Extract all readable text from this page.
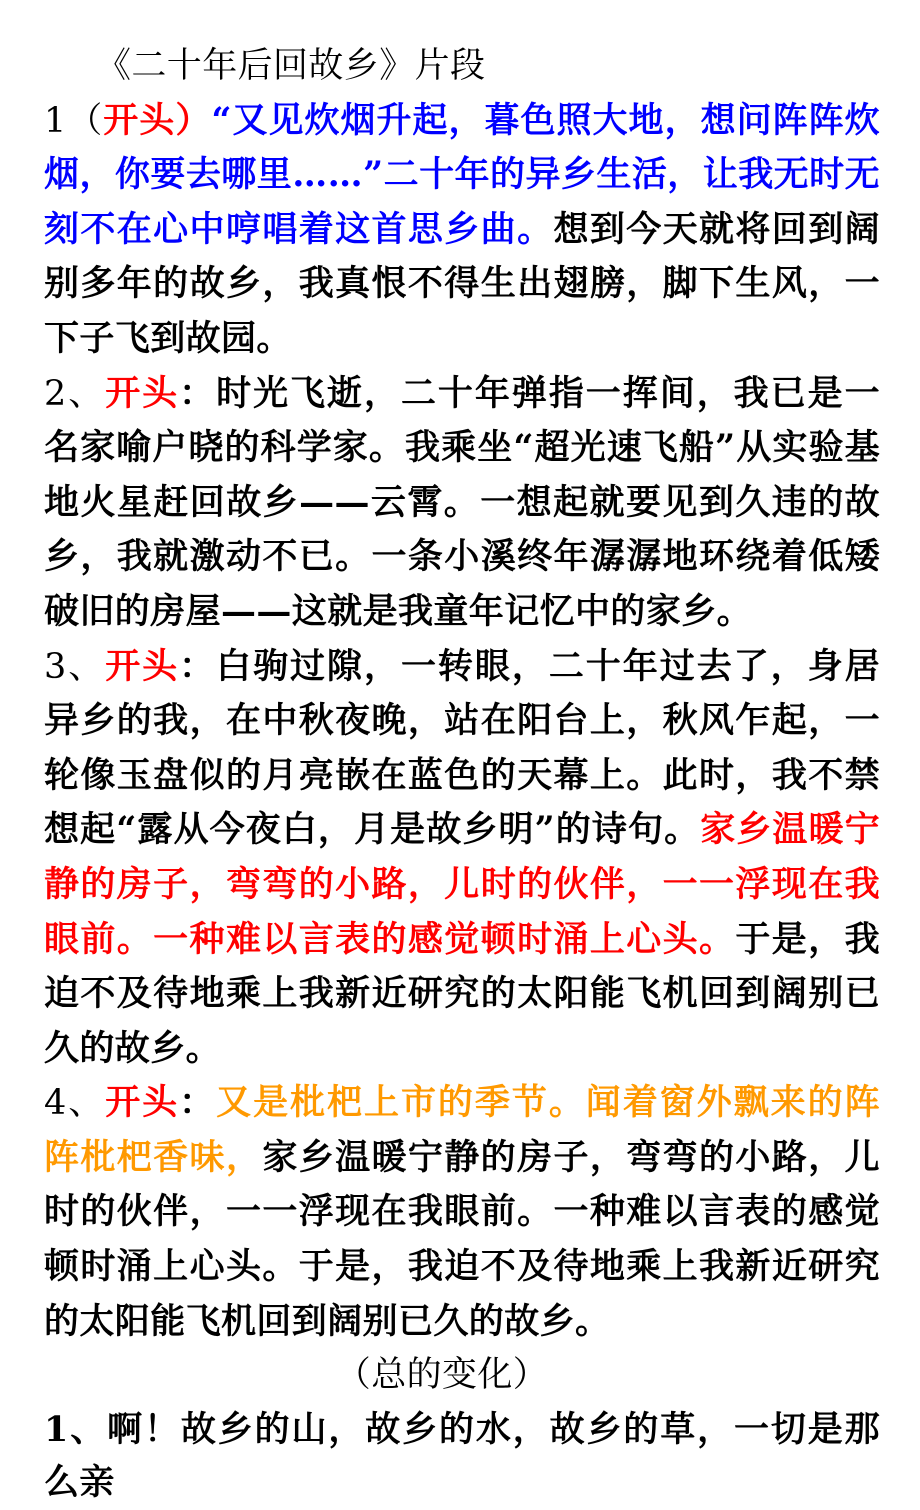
《二十年后回故乡》片段

1（开头）“又见炊烟升起，暮色照大地，想问阵阵炊烟，你要去哪里……”二十年的异乡生活，让我无时无刻不在心中哼唱着这首思乡曲。想到今天就将回到阔别多年的故乡，我真恨不得生出翅膀，脚下生风，一下子飞到故园。

2、开头：时光飞逝，二十年弹指一挥间，我已是一名家喻户晓的科学家。我乘坐“超光速飞船”从实验基地火星赶回故乡——云霄。一想起就要见到久违的故乡，我就激动不已。一条小溪终年潺潺地环绕着低矮破旧的房屋——这就是我童年记忆中的家乡。

3、开头：白驹过隙，一转眼，二十年过去了，身居异乡的我，在中秋夜晚，站在阳台上，秋风乍起，一轮像玉盘似的月亮嵌在蓝色的天幕上。此时，我不禁想起“露从今夜白，月是故乡明”的诗句。家乡温暖宁静的房子，弯弯的小路，儿时的伙伴，一一浮现在我眼前。一种难以言表的感觉顿时涌上心头。于是，我迫不及待地乘上我新近研究的太阳能飞机回到阔别已久的故乡。

4、开头：又是枇杷上市的季节。闻着窗外飘来的阵阵枇杷香味，家乡温暖宁静的房子，弯弯的小路，儿时的伙伴，一一浮现在我眼前。一种难以言表的感觉顿时涌上心头。于是，我迫不及待地乘上我新近研究的太阳能飞机回到阔别已久的故乡。

（总的变化）

1、啊！故乡的山，故乡的水，故乡的草，一切是那么亲
